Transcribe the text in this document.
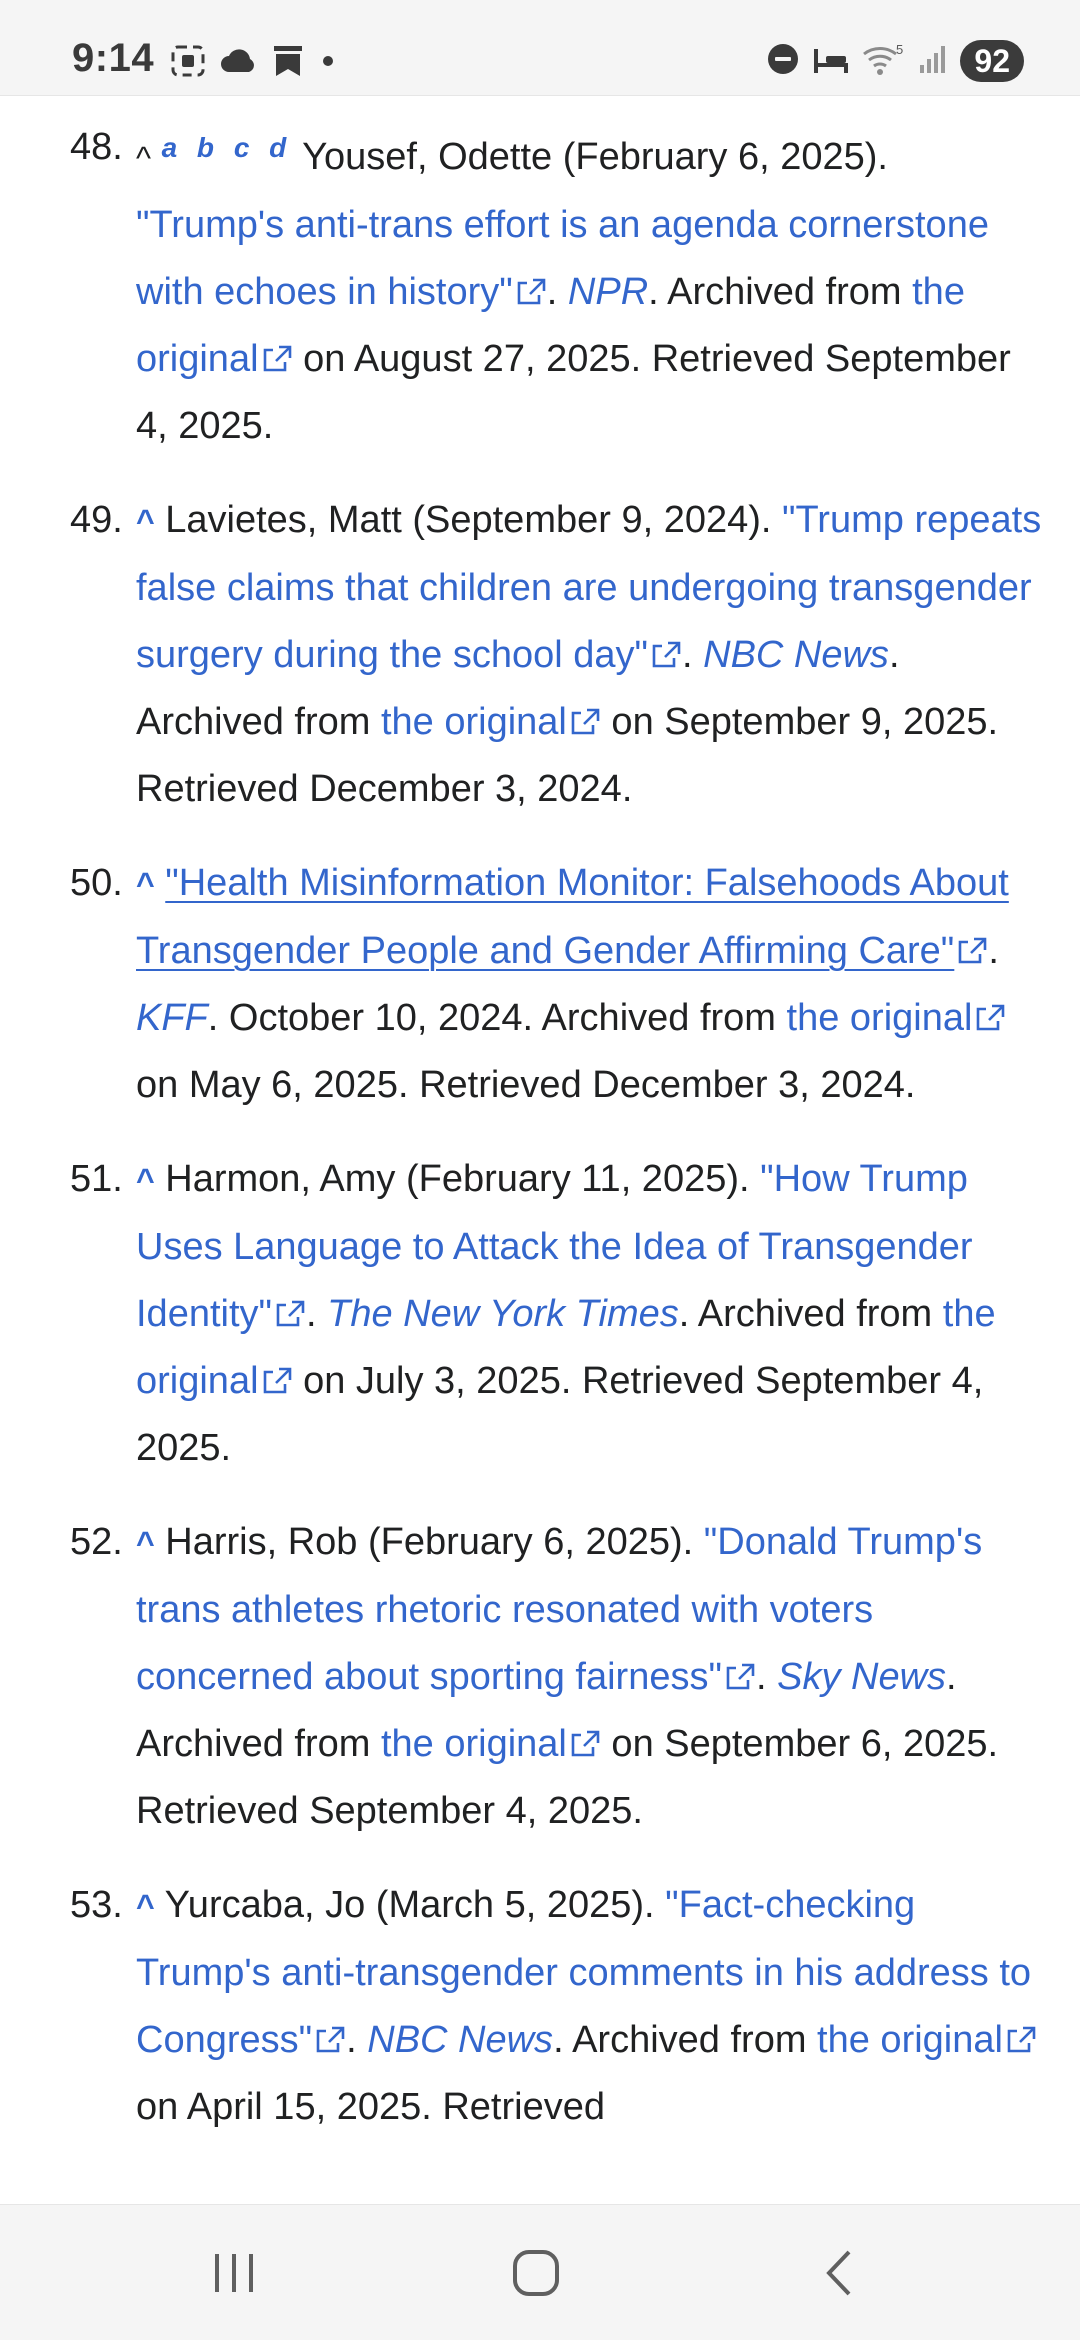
9:14	5	92
48. ^ $^{a b c d}$ Yousef, Odette (February 6, 2025). "Trump's anti-trans effort is an agenda cornerstone with echoes in history" . NPR. Archived from the original on August 27, 2025. Retrieved September 4, 2025.
49. ^ Lavietes, Matt (September 9, 2024). "Trump repeats false claims that children are undergoing transgender surgery during the school day" . NBC News. Archived from the original on September 9, 2025. Retrieved December 3, 2024.
50. ^ "Health Misinformation Monitor: Falsehoods About Transgender People and Gender Affirming Care" . KFF. October 10, 2024. Archived from the original on May 6, 2025. Retrieved December 3, 2024.
51. ^ Harmon, Amy (February 11, 2025). "How Trump Uses Language to Attack the Idea of Transgender Identity" . The New York Times. Archived from the original on July 3, 2025. Retrieved September 4, 2025.
52. ^ Harris, Rob (February 6, 2025). "Donald Trump's trans athletes rhetoric resonated with voters concerned about sporting fairness" . Sky News. Archived from the original on September 6, 2025. Retrieved September 4, 2025.
53. ^ Yurcaba, Jo (March 5, 2025). "Fact-checking Trump's anti-transgender comments in his address to Congress" . NBC News. Archived from the original on April 15, 2025. Retrieved
